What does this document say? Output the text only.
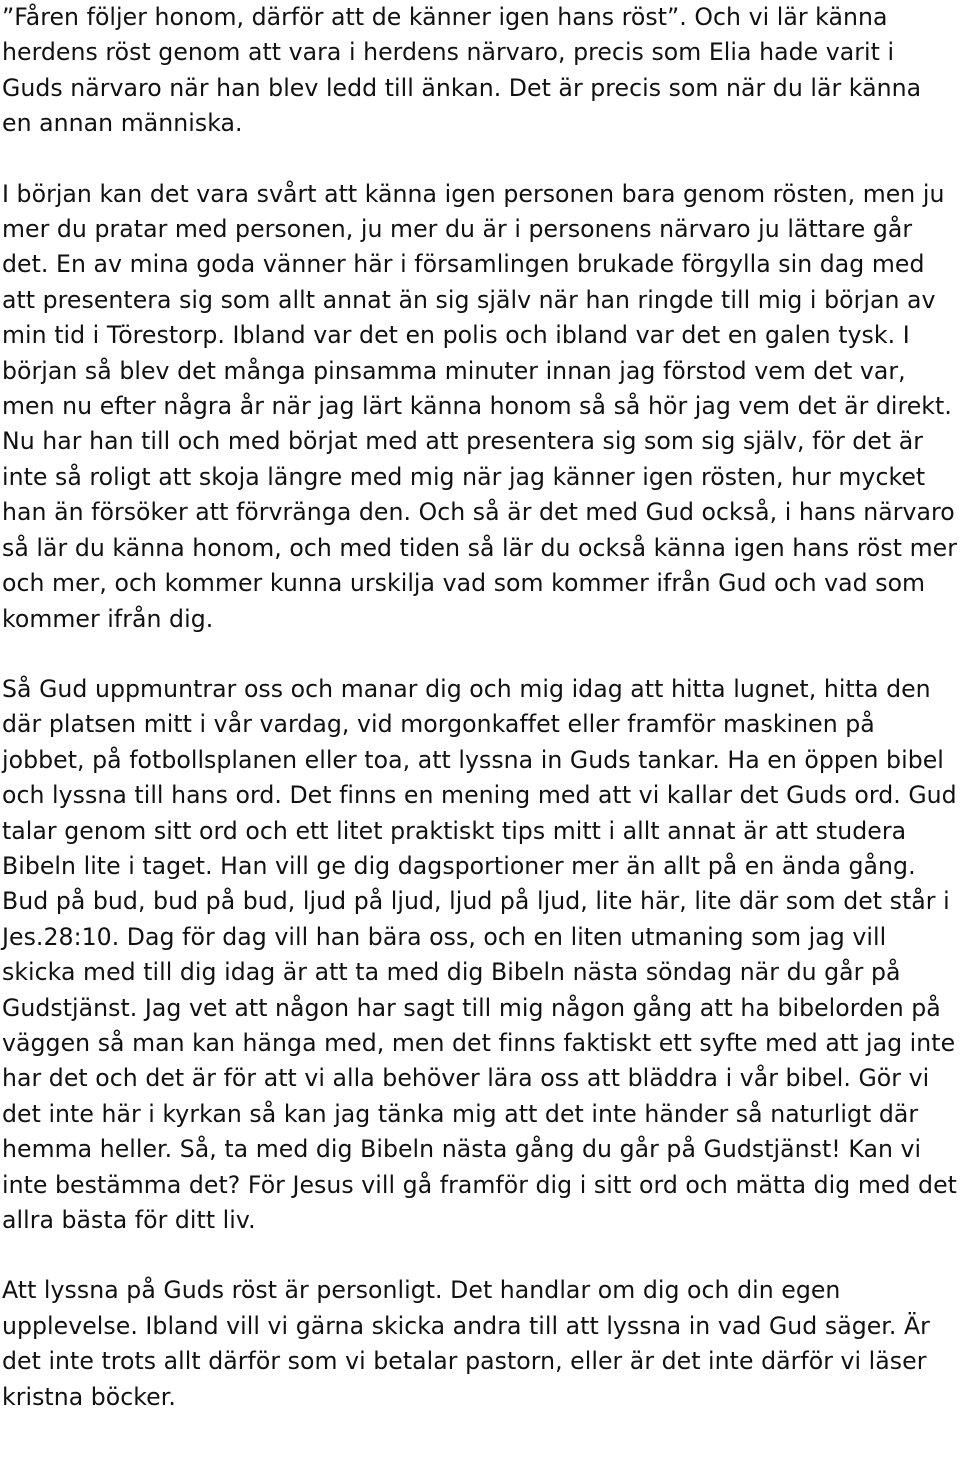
”Fåren följer honom, därför att de känner igen hans röst”. Och vi lär känna herdens röst genom att vara i herdens närvaro, precis som Elia hade varit i Guds närvaro när han blev ledd till änkan. Det är precis som när du lär känna en annan människa.

I början kan det vara svårt att känna igen personen bara genom rösten, men ju mer du pratar med personen, ju mer du är i personens närvaro ju lättare går det. En av mina goda vänner här i församlingen brukade förgylla sin dag med att presentera sig som allt annat än sig själv när han ringde till mig i början av min tid i Törestorp. Ibland var det en polis och ibland var det en galen tysk. I början så blev det många pinsamma minuter innan jag förstod vem det var, men nu efter några år när jag lärt känna honom så så hör jag vem det är direkt. Nu har han till och med börjat med att presentera sig som sig själv, för det är inte så roligt att skoja längre med mig när jag känner igen rösten, hur mycket han än försöker att förvränga den. Och så är det med Gud också, i hans närvaro så lär du känna honom, och med tiden så lär du också känna igen hans röst mer och mer, och kommer kunna urskilja vad som kommer ifrån Gud och vad som kommer ifrån dig.

Så Gud uppmuntrar oss och manar dig och mig idag att hitta lugnet, hitta den där platsen mitt i vår vardag, vid morgonkaffet eller framför maskinen på jobbet, på fotbollsplanen eller toa, att lyssna in Guds tankar. Ha en öppen bibel och lyssna till hans ord. Det finns en mening med att vi kallar det Guds ord. Gud talar genom sitt ord och ett litet praktiskt tips mitt i allt annat är att studera Bibeln lite i taget. Han vill ge dig dagsportioner mer än allt på en ända gång. Bud på bud, bud på bud, ljud på ljud, ljud på ljud, lite här, lite där som det står i Jes.28:10. Dag för dag vill han bära oss, och en liten utmaning som jag vill skicka med till dig idag är att ta med dig Bibeln nästa söndag när du går på Gudstjänst. Jag vet att någon har sagt till mig någon gång att ha bibelorden på väggen så man kan hänga med, men det finns faktiskt ett syfte med att jag inte har det och det är för att vi alla behöver lära oss att bläddra i vår bibel. Gör vi det inte här i kyrkan så kan jag tänka mig att det inte händer så naturligt där hemma heller. Så, ta med dig Bibeln nästa gång du går på Gudstjänst! Kan vi inte bestämma det? För Jesus vill gå framför dig i sitt ord och mätta dig med det allra bästa för ditt liv.

Att lyssna på Guds röst är personligt. Det handlar om dig och din egen upplevelse. Ibland vill vi gärna skicka andra till att lyssna in vad Gud säger. Är det inte trots allt därför som vi betalar pastorn, eller är det inte därför vi läser kristna böcker.
